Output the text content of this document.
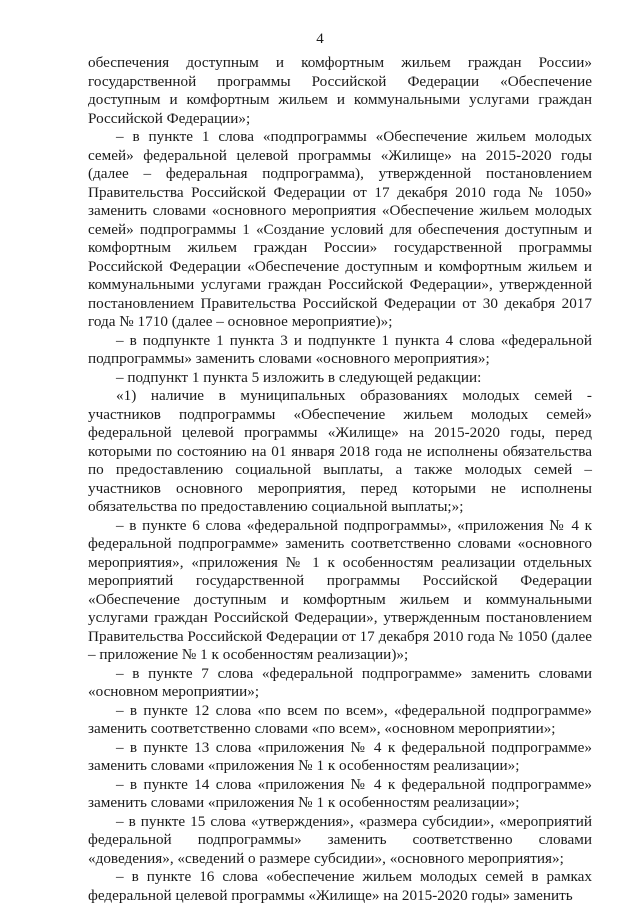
4

обеспечения доступным и комфортным жильем граждан России» государственной программы Российской Федерации «Обеспечение доступным и комфортным жильем и коммунальными услугами граждан Российской Федерации»;

– в пункте 1 слова «подпрограммы «Обеспечение жильем молодых семей» федеральной целевой программы «Жилище» на 2015-2020 годы (далее – федеральная подпрограмма), утвержденной постановлением Правительства Российской Федерации от 17 декабря 2010 года № 1050» заменить словами «основного мероприятия «Обеспечение жильем молодых семей» подпрограммы 1 «Создание условий для обеспечения доступным и комфортным жильем граждан России» государственной программы Российской Федерации «Обеспечение доступным и комфортным жильем и коммунальными услугами граждан Российской Федерации», утвержденной постановлением Правительства Российской Федерации от 30 декабря 2017 года № 1710 (далее – основное мероприятие)»;

– в подпункте 1 пункта 3 и подпункте 1 пункта 4 слова «федеральной подпрограммы» заменить словами «основного мероприятия»;

– подпункт 1 пункта 5 изложить в следующей редакции:

«1) наличие в муниципальных образованиях молодых семей - участников подпрограммы «Обеспечение жильем молодых семей» федеральной целевой программы «Жилище» на 2015-2020 годы, перед которыми по состоянию на 01 января 2018 года не исполнены обязательства по предоставлению социальной выплаты, а также молодых семей – участников основного мероприятия, перед которыми не исполнены обязательства по предоставлению социальной выплаты;»;

– в пункте 6 слова «федеральной подпрограммы», «приложения № 4 к федеральной подпрограмме» заменить соответственно словами «основного мероприятия», «приложения № 1 к особенностям реализации отдельных мероприятий государственной программы Российской Федерации «Обеспечение доступным и комфортным жильем и коммунальными услугами граждан Российской Федерации», утвержденным постановлением Правительства Российской Федерации от 17 декабря 2010 года № 1050 (далее – приложение № 1 к особенностям реализации)»;

– в пункте 7 слова «федеральной подпрограмме» заменить словами «основном мероприятии»;

– в пункте 12 слова «по всем по всем», «федеральной подпрограмме» заменить соответственно словами «по всем», «основном мероприятии»;

– в пункте 13 слова «приложения № 4 к федеральной подпрограмме» заменить словами «приложения № 1 к особенностям реализации»;

– в пункте 14 слова «приложения № 4 к федеральной подпрограмме» заменить словами «приложения № 1 к особенностям реализации»;

– в пункте 15 слова «утверждения», «размера субсидии», «мероприятий федеральной подпрограммы» заменить соответственно словами «доведения», «сведений о размере субсидии», «основного мероприятия»;

– в пункте 16 слова «обеспечение жильем молодых семей в рамках федеральной целевой программы «Жилище» на 2015-2020 годы» заменить
